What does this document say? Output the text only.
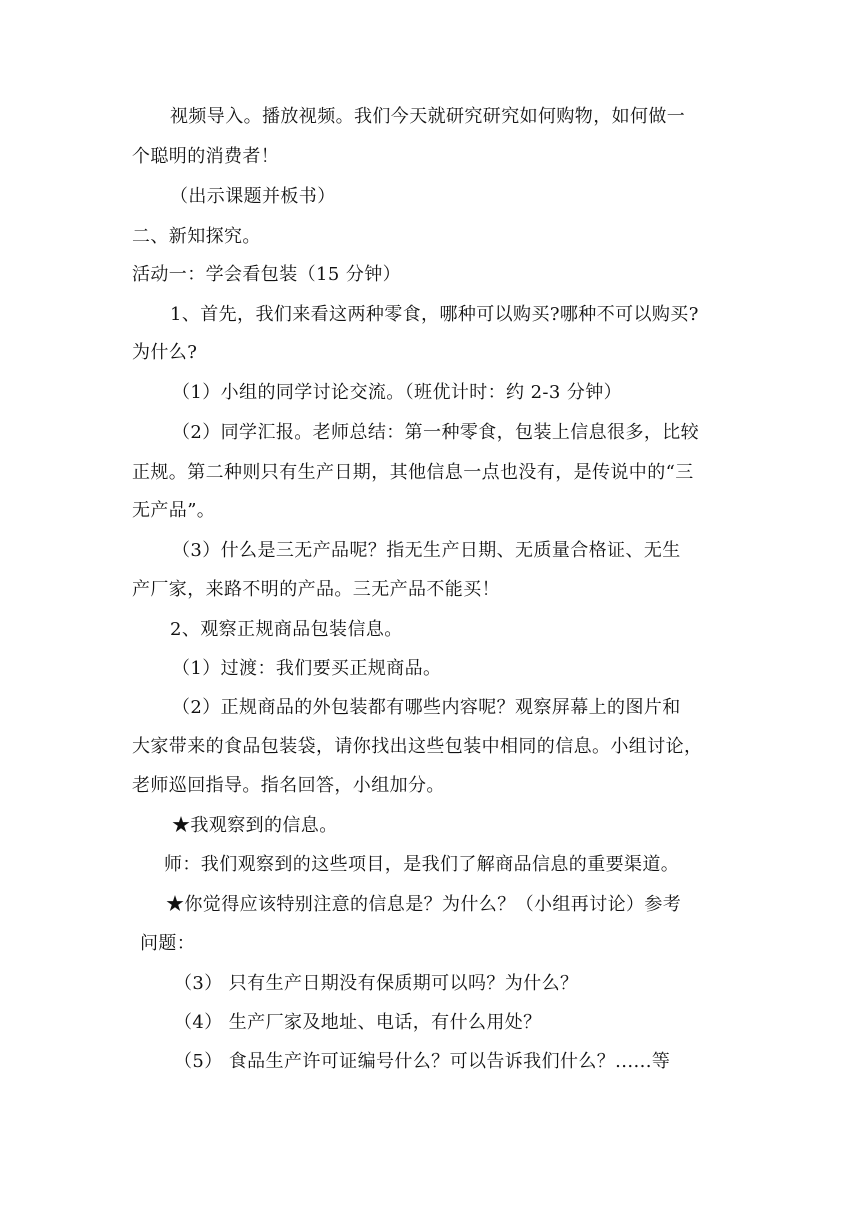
视频导入。播放视频。我们今天就研究研究如何购物，如何做一
个聪明的消费者！
（出示课题并板书）
二、新知探究。
活动一：学会看包装（15 分钟）
1、首先，我们来看这两种零食，哪种可以购买?哪种不可以购买?
为什么?
（1）小组的同学讨论交流。（班优计时：约 2-3 分钟）
（2）同学汇报。老师总结：第一种零食，包装上信息很多，比较
正规。第二种则只有生产日期，其他信息一点也没有，是传说中的“三
无产品”。
（3）什么是三无产品呢？指无生产日期、无质量合格证、无生
产厂家，来路不明的产品。三无产品不能买！
2、观察正规商品包装信息。
（1）过渡：我们要买正规商品。
（2）正规商品的外包装都有哪些内容呢？观察屏幕上的图片和
大家带来的食品包装袋，请你找出这些包装中相同的信息。小组讨论，
老师巡回指导。指名回答，小组加分。
★我观察到的信息。
师：我们观察到的这些项目，是我们了解商品信息的重要渠道。
★你觉得应该特别注意的信息是？为什么？（小组再讨论）参考
问题：
（3） 只有生产日期没有保质期可以吗？为什么？
（4） 生产厂家及地址、电话，有什么用处？
（5） 食品生产许可证编号什么？可以告诉我们什么？......等
